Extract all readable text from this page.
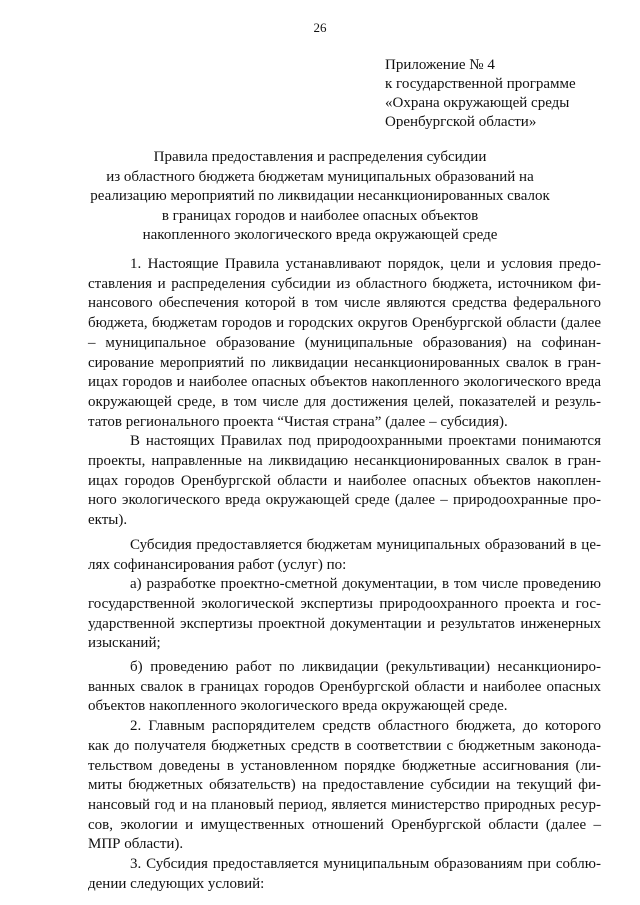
26
Приложение № 4
к государственной программе
«Охрана окружающей среды
Оренбургской области»
Правила предоставления и распределения субсидии
из областного бюджета бюджетам муниципальных образований на
реализацию мероприятий по ликвидации несанкционированных свалок
в границах городов и наиболее опасных объектов
накопленного экологического вреда окружающей среде

1. Настоящие Правила устанавливают порядок, цели и условия предоставления и распределения субсидии из областного бюджета, источником финансового обеспечения которой в том числе являются средства федерального бюджета, бюджетам городов и городских округов Оренбургской области (далее – муниципальное образование (муниципальные образования) на софинансирование мероприятий по ликвидации несанкционированных свалок в границах городов и наиболее опасных объектов накопленного экологического вреда окружающей среде, в том числе для достижения целей, показателей и результатов регионального проекта “Чистая страна” (далее – субсидия).

В настоящих Правилах под природоохранными проектами понимаются проекты, направленные на ликвидацию несанкционированных свалок в границах городов Оренбургской области и наиболее опасных объектов накопленного экологического вреда окружающей среде (далее – природоохранные проекты).

Субсидия предоставляется бюджетам муниципальных образований в целях софинансирования работ (услуг) по:

а) разработке проектно-сметной документации, в том числе проведению государственной экологической экспертизы природоохранного проекта и государственной экспертизы проектной документации и результатов инженерных изысканий;

б) проведению работ по ликвидации (рекультивации) несанкционированных свалок в границах городов Оренбургской области и наиболее опасных объектов накопленного экологического вреда окружающей среде.

2. Главным распорядителем средств областного бюджета, до которого как до получателя бюджетных средств в соответствии с бюджетным законодательством доведены в установленном порядке бюджетные ассигнования (лимиты бюджетных обязательств) на предоставление субсидии на текущий финансовый год и на плановый период, является министерство природных ресурсов, экологии и имущественных отношений Оренбургской области (далее – МПР области).

3. Субсидия предоставляется муниципальным образованиям при соблюдении следующих условий:
